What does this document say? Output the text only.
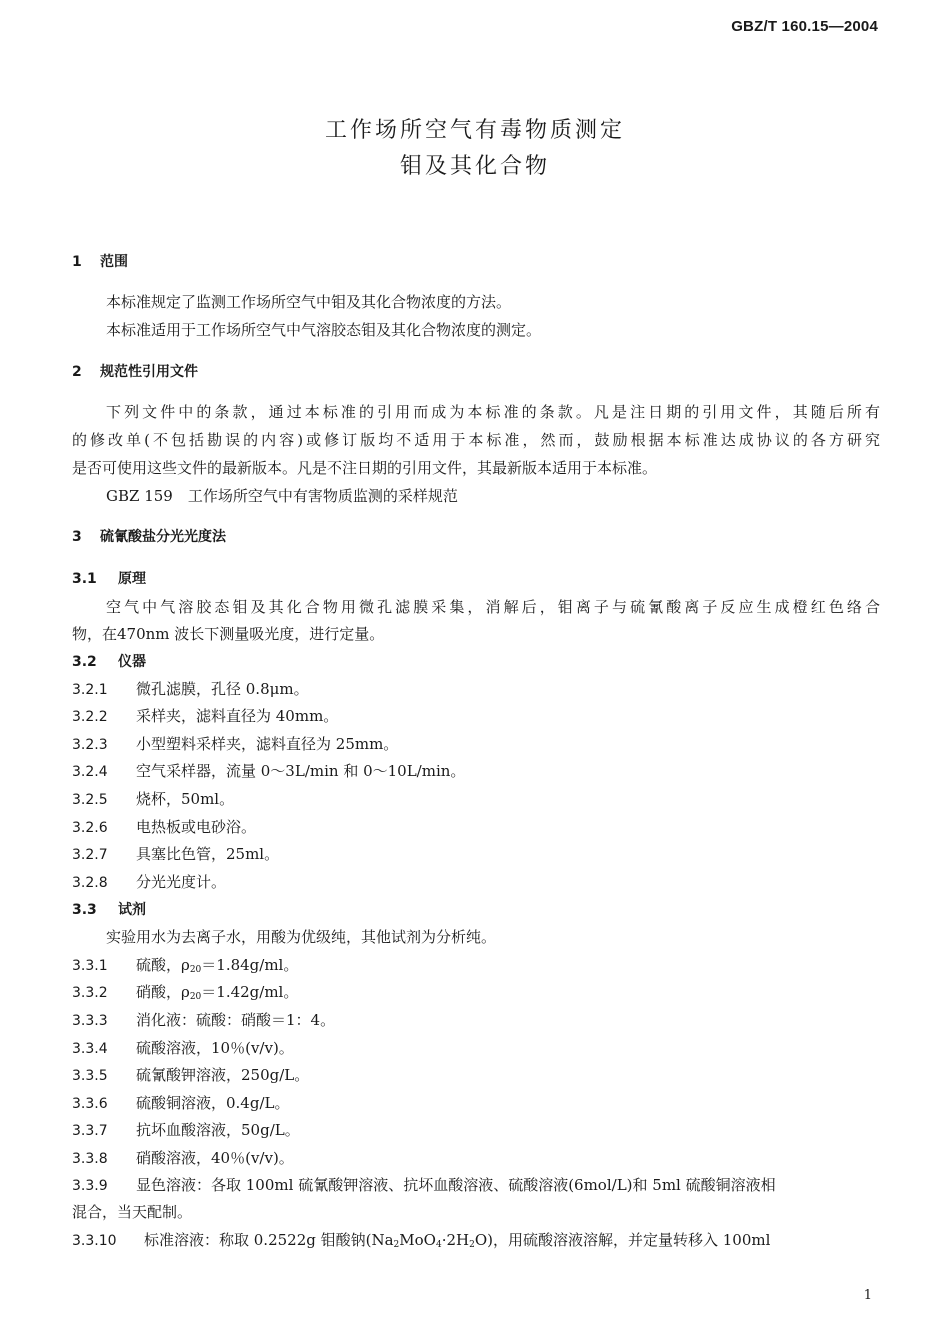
GBZ/T 160.15—2004
工作场所空气有毒物质测定
钼及其化合物
1 范围
本标准规定了监测工作场所空气中钼及其化合物浓度的方法。
本标准适用于工作场所空气中气溶胶态钼及其化合物浓度的测定。
2 规范性引用文件
下列文件中的条款，通过本标准的引用而成为本标准的条款。凡是注日期的引用文件，其随后所有
的修改单(不包括勘误的内容)或修订版均不适用于本标准，然而，鼓励根据本标准达成协议的各方研究
是否可使用这些文件的最新版本。凡是不注日期的引用文件，其最新版本适用于本标准。
GBZ 159　工作场所空气中有害物质监测的采样规范
3 硫氰酸盐分光光度法
3.1 原理
空气中气溶胶态钼及其化合物用微孔滤膜采集，消解后，钼离子与硫氰酸离子反应生成橙红色络合
物，在470nm 波长下测量吸光度，进行定量。
3.2 仪器
3.2.1 微孔滤膜，孔径 0.8μm。
3.2.2 采样夹，滤料直径为 40mm。
3.2.3 小型塑料采样夹，滤料直径为 25mm。
3.2.4 空气采样器，流量 0～3L/min 和 0～10L/min。
3.2.5 烧杯，50ml。
3.2.6 电热板或电砂浴。
3.2.7 具塞比色管，25ml。
3.2.8 分光光度计。
3.3 试剂
实验用水为去离子水，用酸为优级纯，其他试剂为分析纯。
3.3.1 硫酸，$\rho_{20}=1.84g/ml$。
3.3.2 硝酸，$\rho_{20}=1.42g/ml$。
3.3.3 消化液：硫酸：硝酸＝1：4。
3.3.4 硫酸溶液，10％(v/v)。
3.3.5 硫氰酸钾溶液，250g/L。
3.3.6 硫酸铜溶液，0.4g/L。
3.3.7 抗坏血酸溶液，50g/L。
3.3.8 硝酸溶液，40％(v/v)。
3.3.9 显色溶液：各取 100ml 硫氰酸钾溶液、抗坏血酸溶液、硫酸溶液(6mol/L)和 5ml 硫酸铜溶液相
混合，当天配制。
3.3.10 标准溶液：称取 0.2522g 钼酸钠$(Na_2MoO_4\cdot 2H_2O)$，用硫酸溶液溶解，并定量转移入 100ml
1
